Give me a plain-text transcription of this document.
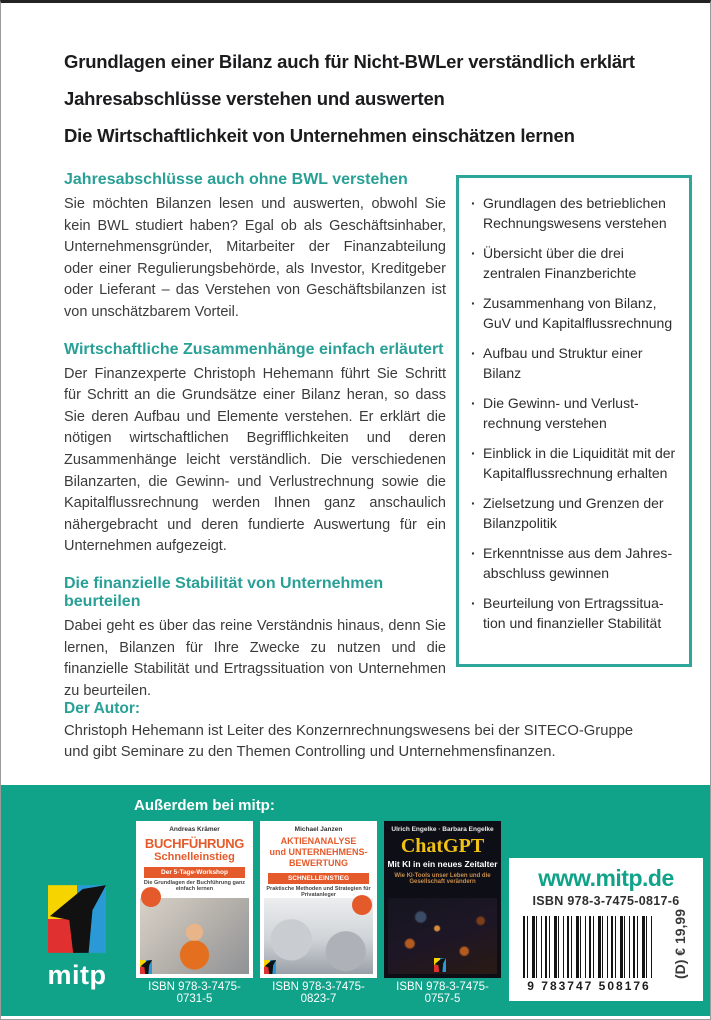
Grundlagen einer Bilanz auch für Nicht-BWLer verständlich erklärt
Jahresabschlüsse verstehen und auswerten
Die Wirtschaftlichkeit von Unternehmen einschätzen lernen
Jahresabschlüsse auch ohne BWL verstehen
Sie möchten Bilanzen lesen und auswerten, obwohl Sie kein BWL studiert haben? Egal ob als Geschäftsinhaber, Unternehmensgründer, Mitarbeiter der Finanzabteilung oder einer Regulierungsbehörde, als Investor, Kreditgeber oder Lieferant – das Verstehen von Geschäftsbilanzen ist von unschätzbarem Vorteil.
Wirtschaftliche Zusammenhänge einfach erläutert
Der Finanzexperte Christoph Hehemann führt Sie Schritt für Schritt an die Grundsätze einer Bilanz heran, so dass Sie deren Aufbau und Elemente verstehen. Er erklärt die nötigen wirtschaftlichen Begrifflichkeiten und deren Zusammenhänge leicht verständlich. Die verschiedenen Bilanzarten, die Gewinn- und Verlustrechnung sowie die Kapitalflussrechnung werden Ihnen ganz anschaulich nähergebracht und deren fundierte Auswertung für ein Unternehmen aufgezeigt.
Die finanzielle Stabilität von Unternehmen beurteilen
Dabei geht es über das reine Verständnis hinaus, denn Sie lernen, Bilanzen für Ihre Zwecke zu nutzen und die finanzielle Stabilität und Ertragssituation von Unternehmen zu beurteilen.
· Grundlagen des betrieblichen Rechnungswesens verstehen
· Übersicht über die drei zentralen Finanzberichte
· Zusammenhang von Bilanz, GuV und Kapitalflussrechnung
· Aufbau und Struktur einer Bilanz
· Die Gewinn- und Verlustrechnung verstehen
· Einblick in die Liquidität mit der Kapitalflussrechnung erhalten
· Zielsetzung und Grenzen der Bilanzpolitik
· Erkenntnisse aus dem Jahresabschluss gewinnen
· Beurteilung von Ertragssituation und finanzieller Stabilität
Der Autor:
Christoph Hehemann ist Leiter des Konzernrechnungswesens bei der SITECO-Gruppe und gibt Seminare zu den Themen Controlling und Unternehmensfinanzen.
Außerdem bei mitp:
Andreas Krämer
BUCHFÜHRUNG
Schnelleinstieg
Der 5-Tage-Workshop
Die Grundlagen der Buchführung ganz einfach lernen
Michael Janzen
AKTIENANALYSE
und UNTERNEHMENS-
BEWERTUNG
SCHNELLEINSTIEG
Praktische Methoden und Strategien für Privatanleger
Ulrich Engelke · Barbara Engelke
ChatGPT
Mit KI in ein neues Zeitalter
Wie KI-Tools unser Leben und die Gesellschaft verändern
ISBN 978-3-7475-0731-5
ISBN 978-3-7475-0823-7
ISBN 978-3-7475-0757-5
mitp
www.mitp.de
ISBN 978-3-7475-0817-6
9 783747 508176
(D) € 19,99
